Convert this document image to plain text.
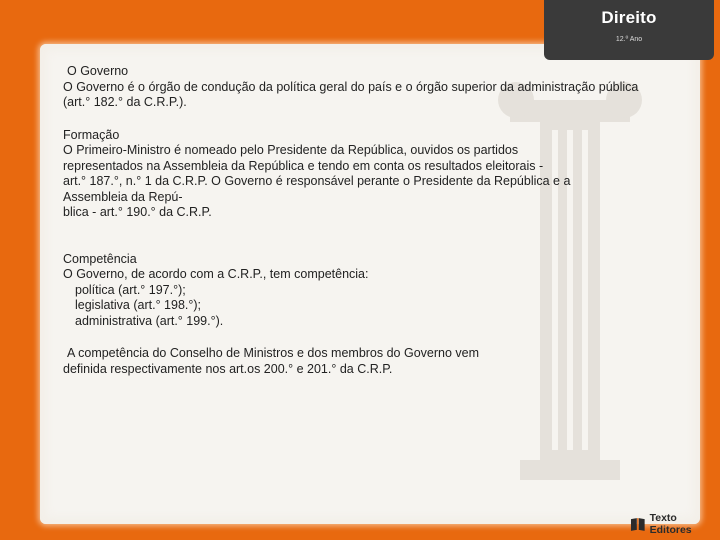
Direito
12.º Ano

O Governo

O Governo é o órgão de condução da política geral do país e o órgão superior da administração pública (art.° 182.° da C.R.P.).

Formação

O Primeiro-Ministro é nomeado pelo Presidente da República, ouvidos os partidos

representados na Assembleia da República e tendo em conta os resultados eleitorais -

art.° 187.°, n.° 1 da C.R.P. O Governo é responsável perante o Presidente da República e a

Assembleia da Repú-

blica - art.° 190.° da C.R.P.

Competência

O Governo, de acordo com a C.R.P., tem competência:

política (art.° 197.°);

legislativa (art.° 198.°);

administrativa (art.° 199.°).

A competência do Conselho de Ministros e dos membros do Governo vem

definida respectivamente nos art.os 200.° e 201.° da C.R.P.

Texto Editores
